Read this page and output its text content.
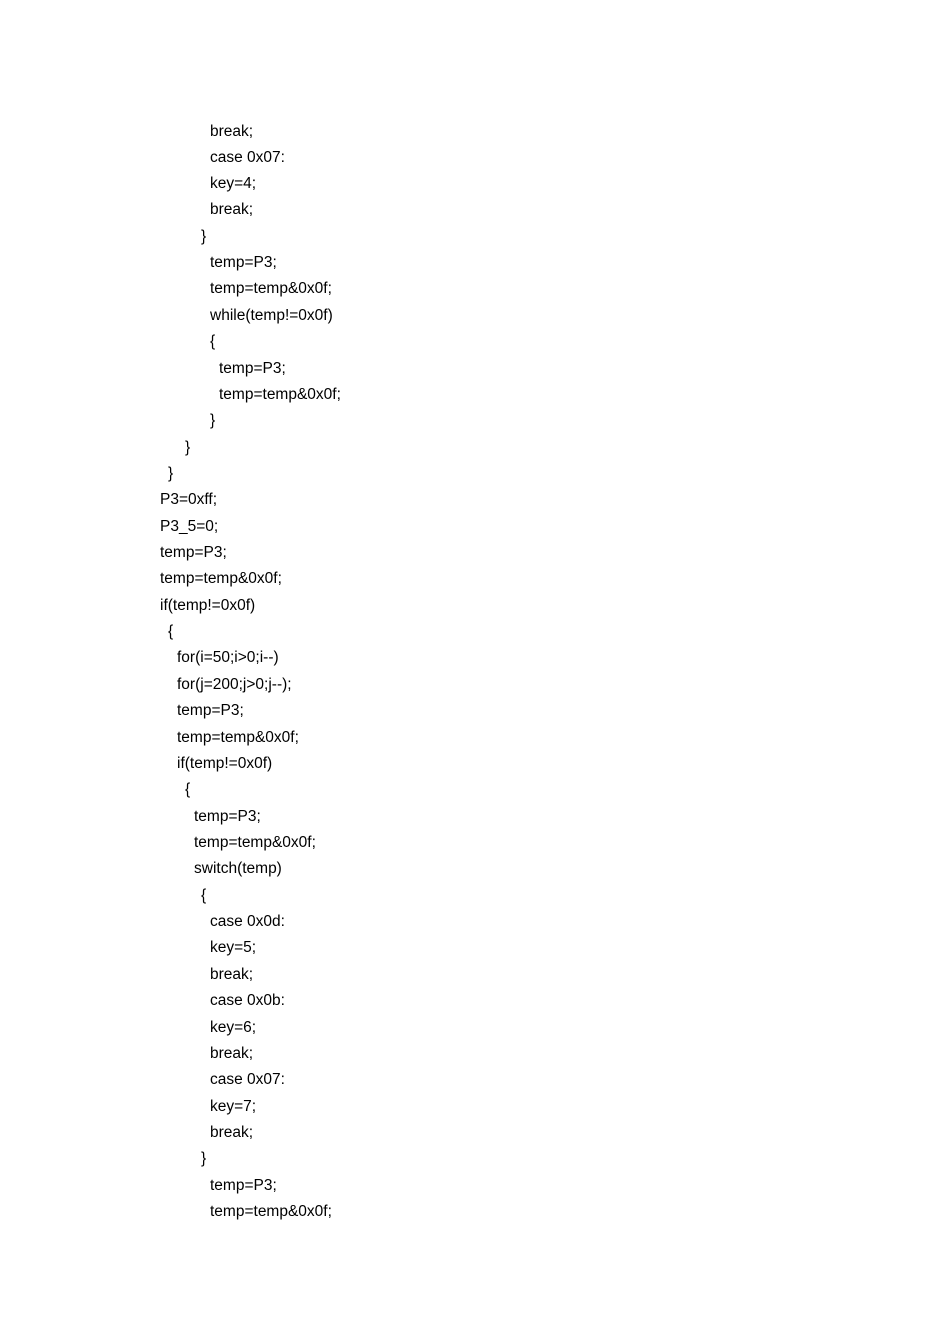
break;
case 0x07:
key=4;
break;
}
temp=P3;
temp=temp&0x0f;
while(temp!=0x0f)
{
temp=P3;
temp=temp&0x0f;
}
}
}
P3=0xff;
P3_5=0;
temp=P3;
temp=temp&0x0f;
if(temp!=0x0f)
{
for(i=50;i>0;i--)
for(j=200;j>0;j--);
temp=P3;
temp=temp&0x0f;
if(temp!=0x0f)
{
temp=P3;
temp=temp&0x0f;
switch(temp)
{
case 0x0d:
key=5;
break;
case 0x0b:
key=6;
break;
case 0x07:
key=7;
break;
}
temp=P3;
temp=temp&0x0f;
